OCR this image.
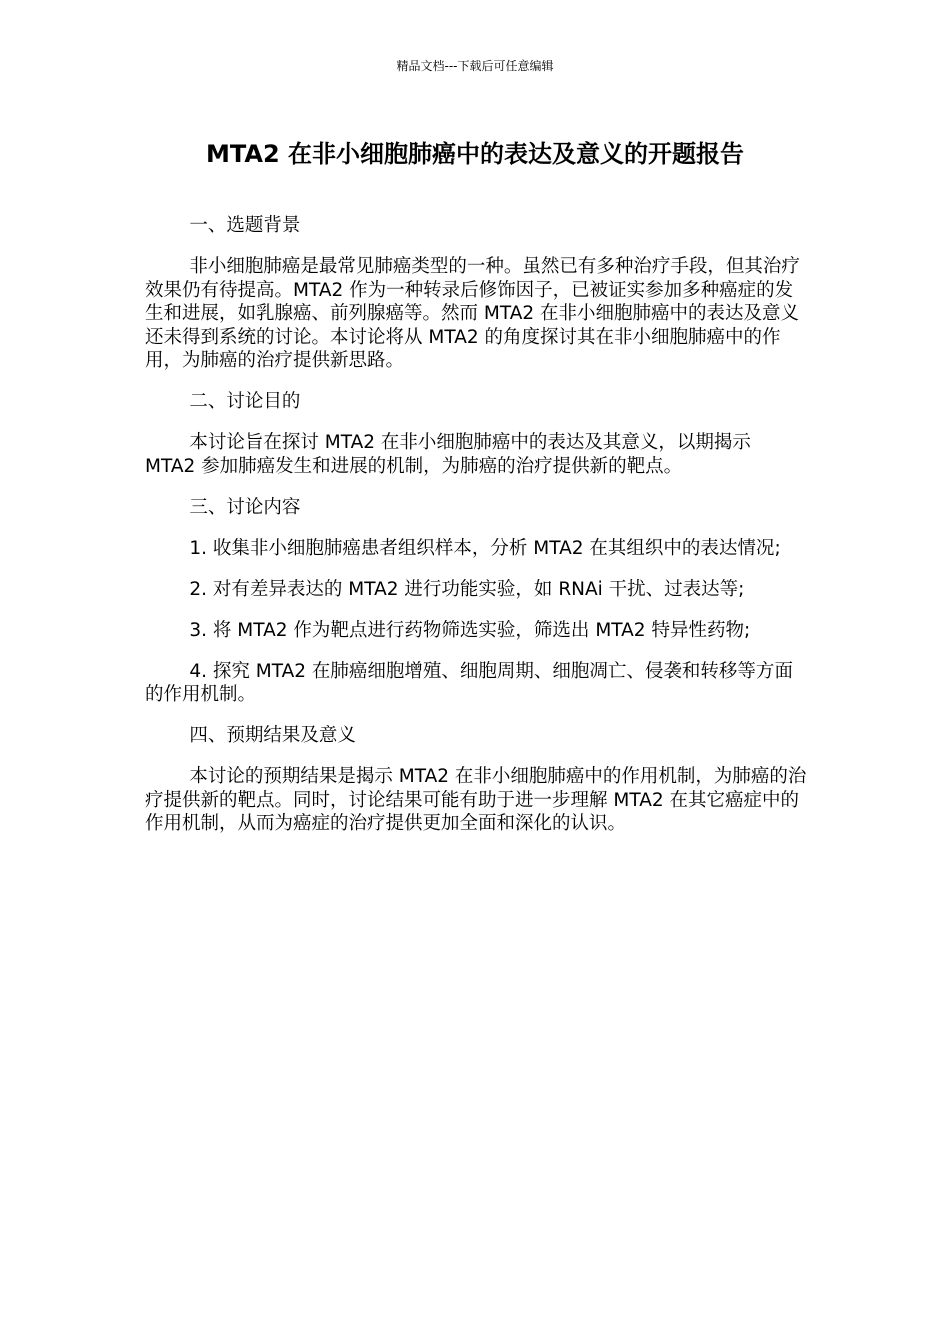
精品文档---下载后可任意编辑
MTA2 在非小细胞肺癌中的表达及意义的开题报告

一、选题背景

非小细胞肺癌是最常见肺癌类型的一种。虽然已有多种治疗手段，但其治疗效果仍有待提高。MTA2 作为一种转录后修饰因子，已被证实参加多种癌症的发生和进展，如乳腺癌、前列腺癌等。然而 MTA2 在非小细胞肺癌中的表达及意义还未得到系统的讨论。本讨论将从 MTA2 的角度探讨其在非小细胞肺癌中的作用，为肺癌的治疗提供新思路。

二、讨论目的

本讨论旨在探讨 MTA2 在非小细胞肺癌中的表达及其意义，以期揭示 MTA2 参加肺癌发生和进展的机制，为肺癌的治疗提供新的靶点。

三、讨论内容

1. 收集非小细胞肺癌患者组织样本，分析 MTA2 在其组织中的表达情况;

2. 对有差异表达的 MTA2 进行功能实验，如 RNAi 干扰、过表达等;

3. 将 MTA2 作为靶点进行药物筛选实验，筛选出 MTA2 特异性药物;

4. 探究 MTA2 在肺癌细胞增殖、细胞周期、细胞凋亡、侵袭和转移等方面的作用机制。

四、预期结果及意义

本讨论的预期结果是揭示 MTA2 在非小细胞肺癌中的作用机制，为肺癌的治疗提供新的靶点。同时，讨论结果可能有助于进一步理解 MTA2 在其它癌症中的作用机制，从而为癌症的治疗提供更加全面和深化的认识。
